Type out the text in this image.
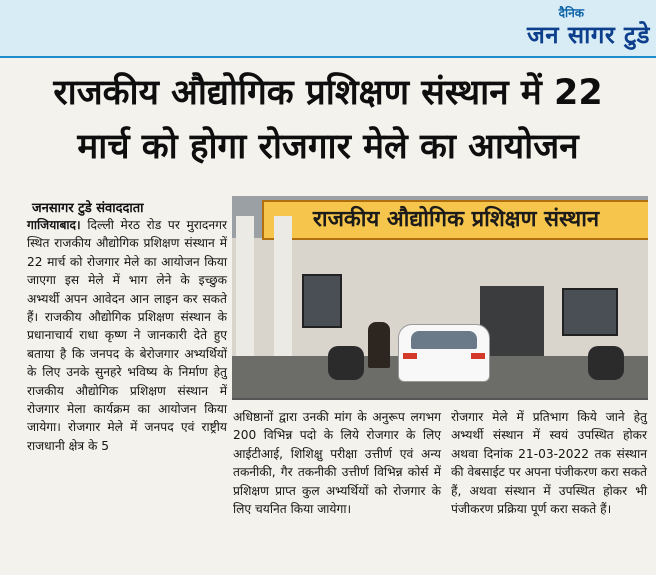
दैनिक
जन सागर टुडे
राजकीय औद्योगिक प्रशिक्षण संस्थान में 22
मार्च को होगा रोजगार मेले का आयोजन
जनसागर टुडे संवाददाता
गाजियाबाद। दिल्ली मेरठ रोड पर मुरादनगर स्थित राजकीय औद्योगिक प्रशिक्षण संस्थान में 22 मार्च को रोजगार मेले का आयोजन किया जाएगा इस मेले में भाग लेने के इच्छुक अभ्यर्थी अपन आवेदन आन लाइन कर सकते हैं। राजकीय औद्योगिक प्रशिक्षण संस्थान के प्रधानाचार्य राधा कृष्ण ने जानकारी देते हुए बताया है कि जनपद के बेरोजगार अभ्यर्थियों के लिए उनके सुनहरे भविष्य के निर्माण हेतु राजकीय औद्योगिक प्रशिक्षण संस्थान में रोजगार मेला कार्यक्रम का आयोजन किया जायेगा। रोजगार मेले में जनपद एवं राष्ट्रीय राजधानी क्षेत्र के 5
राजकीय औद्योगिक प्रशिक्षण संस्थान
अधिष्ठानों द्वारा उनकी मांग के अनुरूप लगभग 200 विभिन्न पदो के लिये रोजगार के लिए आईटीआई, शिशिक्षु परीक्षा उत्तीर्ण एवं अन्य तकनीकी, गैर तकनीकी उत्तीर्ण विभिन्न कोर्स में प्रशिक्षण प्राप्त कुल अभ्यर्थियों को रोजगार के लिए चयनित किया जायेगा।
रोजगार मेले में प्रतिभाग किये जाने हेतु अभ्यर्थी संस्थान में स्वयं उपस्थित होकर अथवा दिनांक 21-03-2022 तक संस्थान की वेबसाईट पर अपना पंजीकरण करा सकते हैं, अथवा संस्थान में उपस्थित होकर भी पंजीकरण प्रक्रिया पूर्ण करा सकते हैं।
